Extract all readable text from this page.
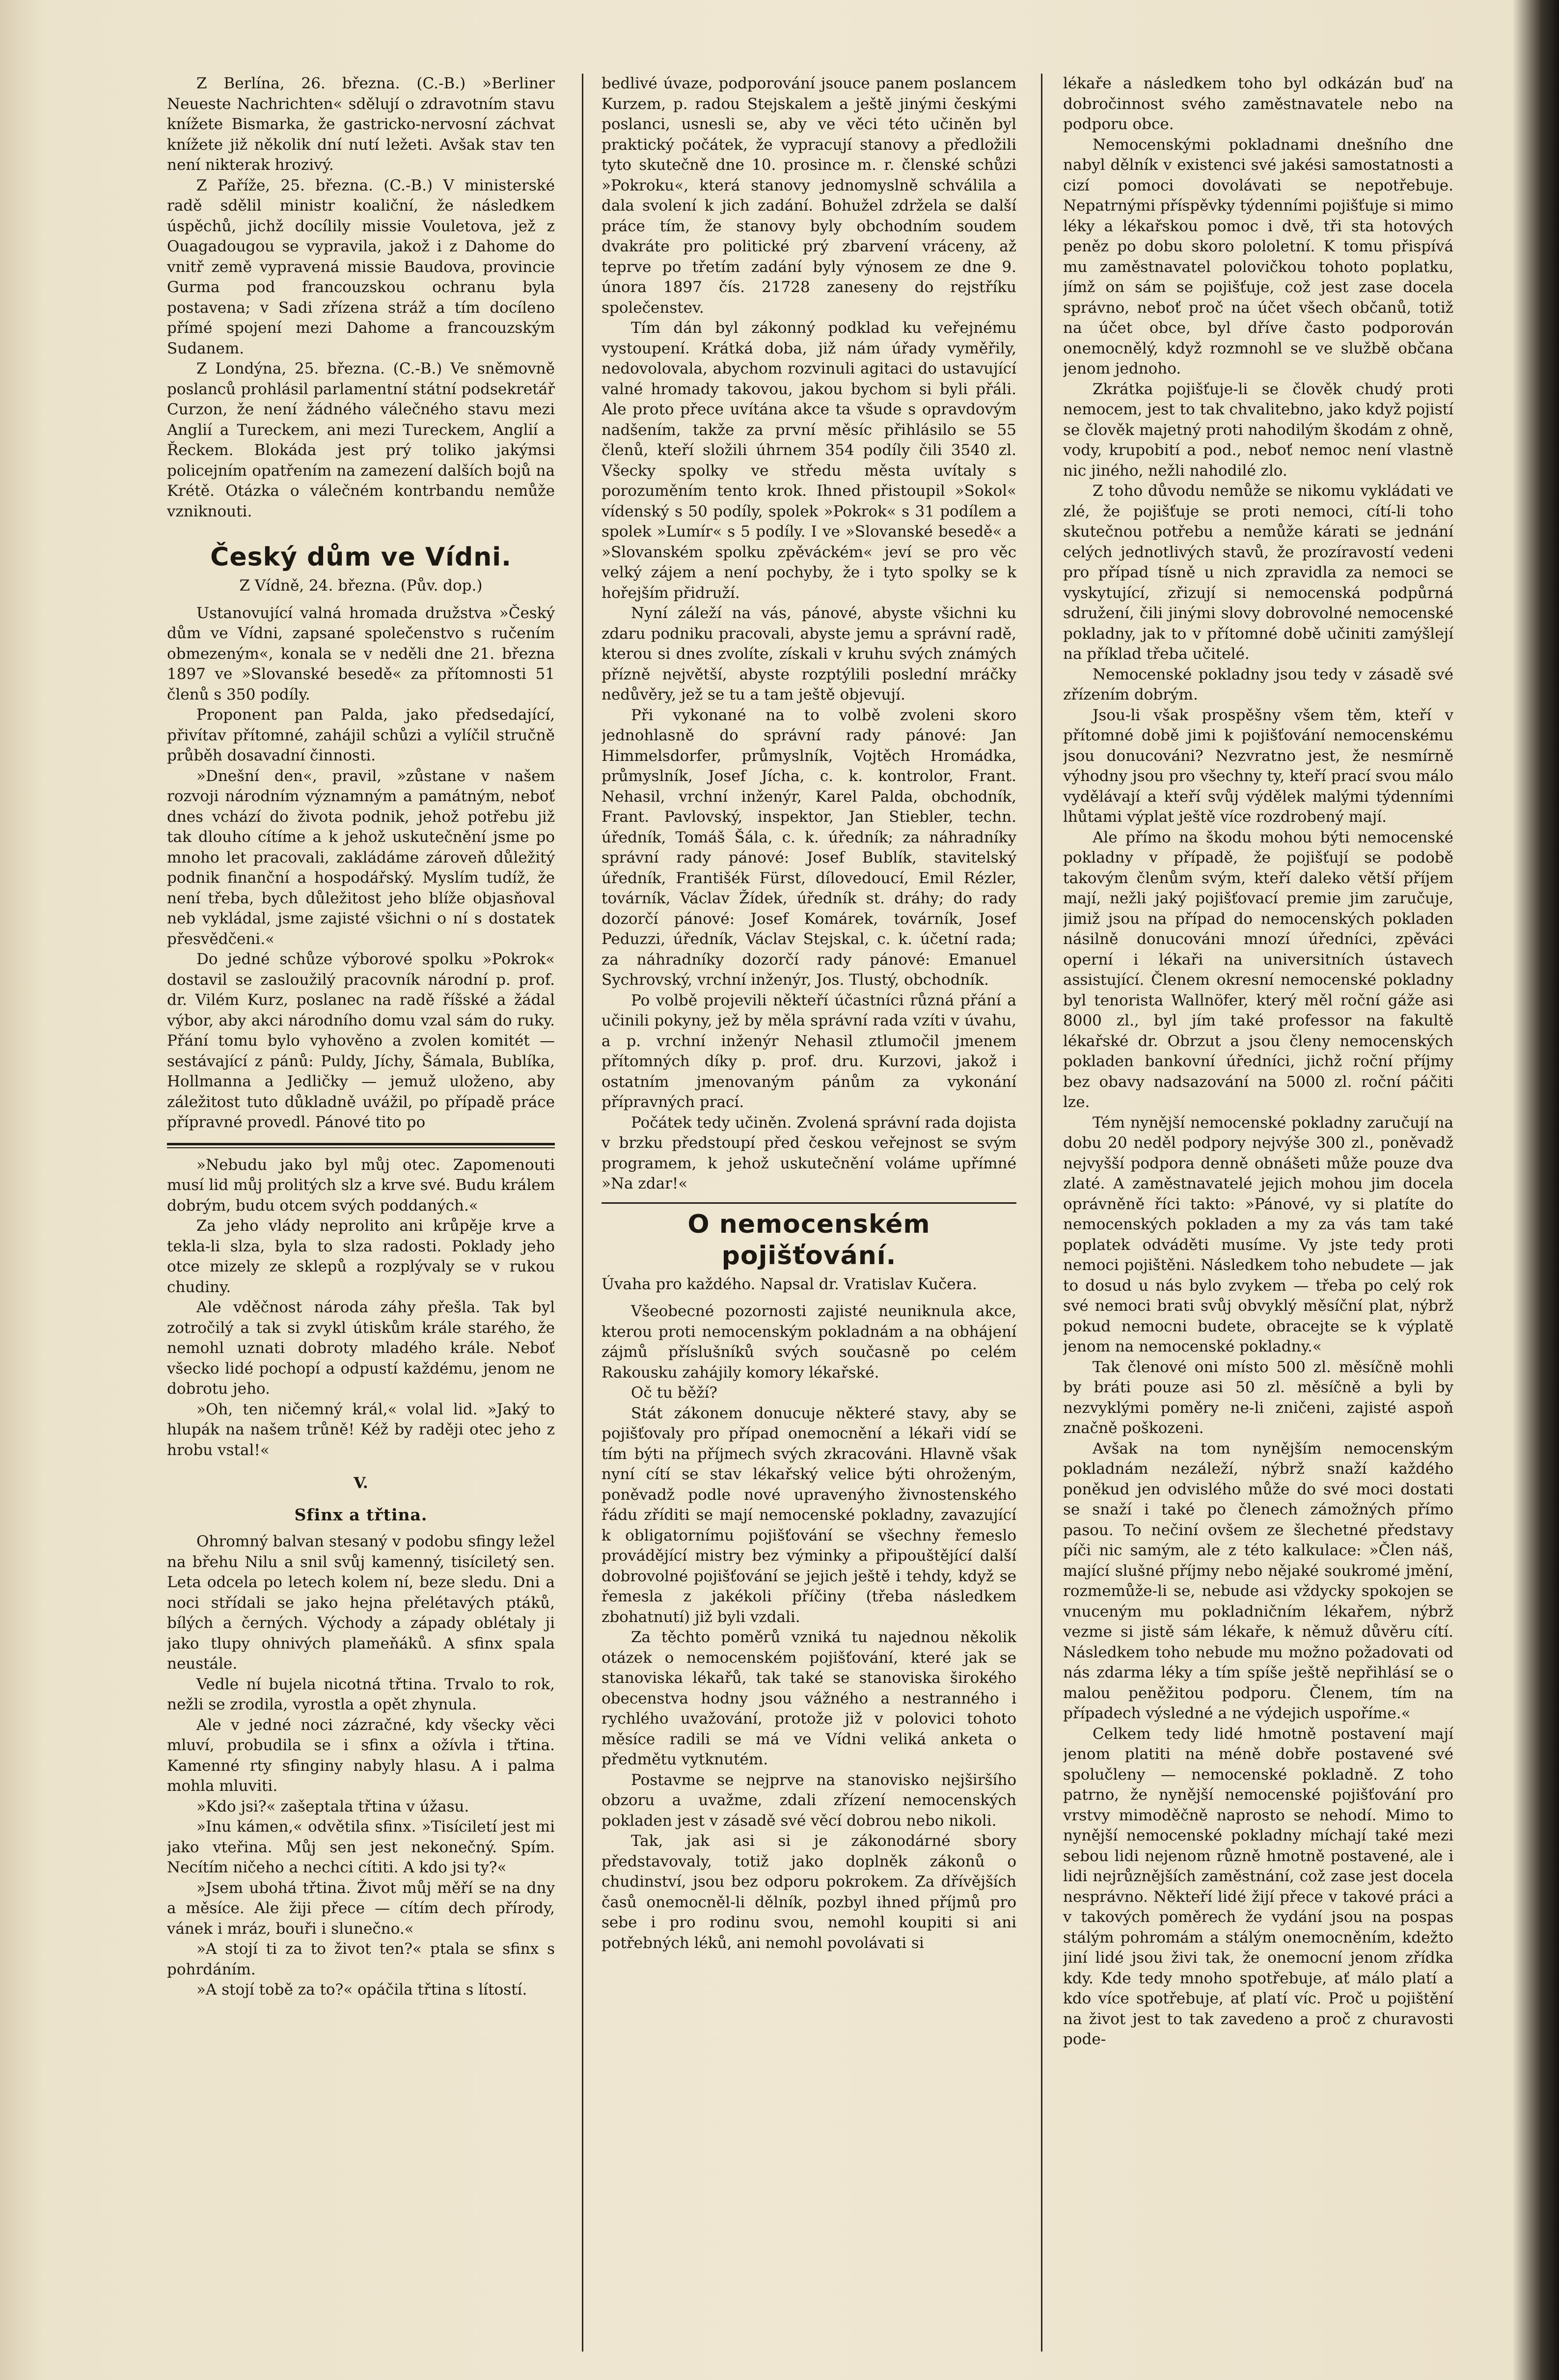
Z Berlína, 26. března. (C.-B.) »Berliner Neueste Nachrichten« sdělují o zdravotním stavu knížete Bismarka, že gastricko-nervosní záchvat knížete již několik dní nutí ležeti. Avšak stav ten není nikterak hrozivý.

Z Paříže, 25. března. (C.-B.) V ministerské radě sdělil ministr koaliční, že následkem úspěchů, jichž docílily missie Vouletova, jež z Ouagadougou se vypravila, jakož i z Dahome do vnitř země vypravená missie Baudova, provincie Gurma pod francouzskou ochranu byla postavena; v Sadi zřízena stráž a tím docíleno přímé spojení mezi Dahome a francouzským Sudanem.

Z Londýna, 25. března. (C.-B.) Ve sněmovně poslanců prohlásil parlamentní státní podsekretář Curzon, že není žádného válečného stavu mezi Anglií a Tureckem, ani mezi Tureckem, Anglií a Řeckem. Blokáda jest prý toliko jakýmsi policejním opatřením na zamezení dalších bojů na Krétě. Otázka o válečném kontrbandu nemůže vzniknouti.

Český dům ve Vídni.
Z Vídně, 24. března. (Pův. dop.)

Ustanovující valná hromada družstva »Český dům ve Vídni, zapsané společenstvo s ručením obmezeným«, konala se v neděli dne 21. března 1897 ve »Slovanské besedě« za přítomnosti 51 členů s 350 podíly.

Proponent pan Palda, jako předsedající, přivítav přítomné, zahájil schůzi a vylíčil stručně průběh dosavadní činnosti.

»Dnešní den«, pravil, »zůstane v našem rozvoji národním významným a památným, neboť dnes vchází do života podnik, jehož potřebu již tak dlouho cítíme a k jehož uskutečnění jsme po mnoho let pracovali, zakládáme zároveň důležitý podnik finanční a hospodářský. Myslím tudíž, že není třeba, bych důležitost jeho blíže objasňoval neb vykládal, jsme zajisté všichni o ní s dostatek přesvědčeni.«

Do jedné schůze výborové spolku »Pokrok« dostavil se zasloužilý pracovník národní p. prof. dr. Vilém Kurz, poslanec na radě říšské a žádal výbor, aby akci národního domu vzal sám do ruky. Přání tomu bylo vyhověno a zvolen komitét — sestávající z pánů: Puldy, Jíchy, Šámala, Bublíka, Hollmanna a Jedličky — jemuž uloženo, aby záležitost tuto důkladně uvážil, po případě práce přípravné provedl. Pánové tito po

»Nebudu jako byl můj otec. Zapomenouti musí lid můj prolitých slz a krve své. Budu králem dobrým, budu otcem svých poddaných.«

Za jeho vlády neprolito ani krůpěje krve a tekla-li slza, byla to slza radosti. Poklady jeho otce mizely ze sklepů a rozplývaly se v rukou chudiny.

Ale vděčnost národa záhy přešla. Tak byl zotročilý a tak si zvykl útiskům krále starého, že nemohl uznati dobroty mladého krále. Neboť všecko lidé pochopí a odpustí každému, jenom ne dobrotu jeho.

»Oh, ten ničemný král,« volal lid. »Jaký to hlupák na našem trůně! Kéž by raději otec jeho z hrobu vstal!«

V.
Sfinx a třtina.

Ohromný balvan stesaný v podobu sfingy ležel na břehu Nilu a snil svůj kamenný, tisíciletý sen. Leta odcela po letech kolem ní, beze sledu. Dni a noci střídali se jako hejna přelétavých ptáků, bílých a černých. Východy a západy oblétaly ji jako tlupy ohnivých plameňáků. A sfinx spala neustále.

Vedle ní bujela nicotná třtina. Trvalo to rok, nežli se zrodila, vyrostla a opět zhynula.

Ale v jedné noci zázračné, kdy všecky věci mluví, probudila se i sfinx a ožívla i třtina. Kamenné rty sfinginy nabyly hlasu. A i palma mohla mluviti.

»Kdo jsi?« zašeptala třtina v úžasu.

»Inu kámen,« odvětila sfinx. »Tisíciletí jest mi jako vteřina. Můj sen jest nekonečný. Spím. Necítím ničeho a nechci cítiti. A kdo jsi ty?«

»Jsem ubohá třtina. Život můj měří se na dny a měsíce. Ale žiji přece — cítím dech přírody, vánek i mráz, bouři i slunečno.«

»A stojí ti za to život ten?« ptala se sfinx s pohrdáním.

»A stojí tobě za to?« opáčila třtina s lítostí.

bedlivé úvaze, podporování jsouce panem poslancem Kurzem, p. radou Stejskalem a ještě jinými českými poslanci, usnesli se, aby ve věci této učiněn byl praktický počátek, že vypracují stanovy a předložili tyto skutečně dne 10. prosince m. r. členské schůzi »Pokroku«, která stanovy jednomyslně schválila a dala svolení k jich zadání. Bohužel zdržela se další práce tím, že stanovy byly obchodním soudem dvakráte pro politické prý zbarvení vráceny, až teprve po třetím zadání byly výnosem ze dne 9. února 1897 čís. 21728 zaneseny do rejstříku společenstev.

Tím dán byl zákonný podklad ku veřejnému vystoupení. Krátká doba, již nám úřady vyměřily, nedovolovala, abychom rozvinuli agitaci do ustavující valné hromady takovou, jakou bychom si byli přáli. Ale proto přece uvítána akce ta všude s opravdovým nadšením, takže za první měsíc přihlásilo se 55 členů, kteří složili úhrnem 354 podíly čili 3540 zl. Všecky spolky ve středu města uvítaly s porozuměním tento krok. Ihned přistoupil »Sokol« vídenský s 50 podíly, spolek »Pokrok« s 31 podílem a spolek »Lumír« s 5 podíly. I ve »Slovanské besedě« a »Slovanském spolku zpěváckém« jeví se pro věc velký zájem a není pochyby, že i tyto spolky se k hořejším přidruží.

Nyní záleží na vás, pánové, abyste všichni ku zdaru podniku pracovali, abyste jemu a správní radě, kterou si dnes zvolíte, získali v kruhu svých známých přízně největší, abyste rozptýlili poslední mráčky nedůvěry, jež se tu a tam ještě objevují.

Při vykonané na to volbě zvoleni skoro jednohlasně do správní rady pánové: Jan Himmelsdorfer, průmyslník, Vojtěch Hromádka, průmyslník, Josef Jícha, c. k. kontrolor, Frant. Nehasil, vrchní inženýr, Karel Palda, obchodník, Frant. Pavlovský, inspektor, Jan Stiebler, techn. úředník, Tomáš Šála, c. k. úředník; za náhradníky správní rady pánové: Josef Bublík, stavitelský úředník, Františék Fürst, dílovedoucí, Emil Rézler, továrník, Václav Žídek, úředník st. dráhy; do rady dozorčí pánové: Josef Komárek, továrník, Josef Peduzzi, úředník, Václav Stejskal, c. k. účetní rada; za náhradníky dozorčí rady pánové: Emanuel Sychrovský, vrchní inženýr, Jos. Tlustý, obchodník.

Po volbě projevili někteří účastníci různá přání a učinili pokyny, jež by měla správní rada vzíti v úvahu, a p. vrchní inženýr Nehasil ztlumočil jmenem přítomných díky p. prof. dru. Kurzovi, jakož i ostatním jmenovaným pánům za vykonání přípravných prací.

Počátek tedy učiněn. Zvolená správní rada dojista v brzku předstoupí před českou veřejnost se svým programem, k jehož uskutečnění voláme upřímné »Na zdar!«

O nemocenském pojišťování.
Úvaha pro každého. Napsal dr. Vratislav Kučera.

Všeobecné pozornosti zajisté neuniknula akce, kterou proti nemocenským pokladnám a na obhájení zájmů příslušníků svých současně po celém Rakousku zahájily komory lékařské.

Oč tu běží?

Stát zákonem donucuje některé stavy, aby se pojišťovaly pro případ onemocnění a lékaři vidí se tím býti na příjmech svých zkracováni. Hlavně však nyní cítí se stav lékařský velice býti ohroženým, poněvadž podle nové upravenýho živnostenského řádu zříditi se mají nemocenské pokladny, zavazující k obligatornímu pojišťování se všechny řemeslo provádějící mistry bez výminky a připouštějící další dobrovolné pojišťování se jejich ještě i tehdy, když se řemesla z jakékoli příčiny (třeba následkem zbohatnutí) již byli vzdali.

Za těchto poměrů vzniká tu najednou několik otázek o nemocenském pojišťování, které jak se stanoviska lékařů, tak také se stanoviska širokého obecenstva hodny jsou vážného a nestranného i rychlého uvažování, protože již v polovici tohoto měsíce radili se má ve Vídni veliká anketa o předmětu vytknutém.

Postavme se nejprve na stanovisko nejširšího obzoru a uvažme, zdali zřízení nemocenských pokladen jest v zásadě své věcí dobrou nebo nikoli.

Tak, jak asi si je zákonodárné sbory představovaly, totiž jako doplněk zákonů o chudinství, jsou bez odporu pokrokem. Za dřívějších časů onemocněl-li dělník, pozbyl ihned příjmů pro sebe i pro rodinu svou, nemohl koupiti si ani potřebných léků, ani nemohl povolávati si

lékaře a následkem toho byl odkázán buď na dobročinnost svého zaměstnavatele nebo na podporu obce.

Nemocenskými pokladnami dnešního dne nabyl dělník v existenci své jakési samostatnosti a cizí pomoci dovolávati se nepotřebuje. Nepatrnými příspěvky týdenními pojišťuje si mimo léky a lékařskou pomoc i dvě, tři sta hotových peněz po dobu skoro pololetní. K tomu přispívá mu zaměstnavatel polovičkou tohoto poplatku, jímž on sám se pojišťuje, což jest zase docela správno, neboť proč na účet všech občanů, totiž na účet obce, byl dříve často podporován onemocnělý, když rozmnohl se ve službě občana jenom jednoho.

Zkrátka pojišťuje-li se člověk chudý proti nemocem, jest to tak chvalitebno, jako když pojistí se člověk majetný proti nahodilým škodám z ohně, vody, krupobití a pod., neboť nemoc není vlastně nic jiného, nežli nahodilé zlo.

Z toho důvodu nemůže se nikomu vykládati ve zlé, že pojišťuje se proti nemoci, cítí-li toho skutečnou potřebu a nemůže kárati se jednání celých jednotlivých stavů, že prozíravostí vedeni pro případ tísně u nich zpravidla za nemoci se vyskytující, zřizují si nemocenská podpůrná sdružení, čili jinými slovy dobrovolné nemocenské pokladny, jak to v přítomné době učiniti zamýšlejí na příklad třeba učitelé.

Nemocenské pokladny jsou tedy v zásadě své zřízením dobrým.

Jsou-li však prospěšny všem těm, kteří v přítomné době jimi k pojišťování nemocenskému jsou donucováni? Nezvratno jest, že nesmírně výhodny jsou pro všechny ty, kteří prací svou málo vydělávají a kteří svůj výdělek malými týdenními lhůtami výplat ještě více rozdrobený mají.

Ale přímo na škodu mohou býti nemocenské pokladny v případě, že pojišťují se podobě takovým členům svým, kteří daleko větší příjem mají, nežli jaký pojišťovací premie jim zaručuje, jimiž jsou na případ do nemocenských pokladen násilně donucováni mnozí úředníci, zpěváci operní i lékaři na universitních ústavech assistující. Členem okresní nemocenské pokladny byl tenorista Wallnöfer, který měl roční gáže asi 8000 zl., byl jím také professor na fakultě lékařské dr. Obrzut a jsou členy nemocenských pokladen bankovní úředníci, jichž roční příjmy bez obavy nadsazování na 5000 zl. roční páčiti lze.

Tém nynější nemocenské pokladny zaručují na dobu 20 neděl podpory nejvýše 300 zl., poněvadž nejvyšší podpora denně obnášeti může pouze dva zlaté. A zaměstnavatelé jejich mohou jim docela oprávněně říci takto: »Pánové, vy si platíte do nemocenských pokladen a my za vás tam také poplatek odváděti musíme. Vy jste tedy proti nemoci pojištěni. Následkem toho nebudete — jak to dosud u nás bylo zvykem — třeba po celý rok své nemoci brati svůj obvyklý měsíční plat, nýbrž pokud nemocni budete, obracejte se k výplatě jenom na nemocenské pokladny.«

Tak členové oni místo 500 zl. měsíčně mohli by bráti pouze asi 50 zl. měsíčně a byli by nezvyklými poměry ne-li zničeni, zajisté aspoň značně poškozeni.

Avšak na tom nynějším nemocenským pokladnám nezáleží, nýbrž snaží každého poněkud jen odvislého může do své moci dostati se snaží i také po členech zámožných přímo pasou. To nečiní ovšem ze šlechetné představy píči nic samým, ale z této kalkulace: »Člen náš, mající slušné příjmy nebo nějaké soukromé jmění, rozmemůže-li se, nebude asi vždycky spokojen se vnuceným mu pokladničním lékařem, nýbrž vezme si jistě sám lékaře, k němuž důvěru cítí. Následkem toho nebude mu možno požadovati od nás zdarma léky a tím spíše ještě nepřihlásí se o malou peněžitou podporu. Členem, tím na případech výsledné a ne výdejich uspoříme.«

Celkem tedy lidé hmotně postavení mají jenom platiti na méně dobře postavené své spolučleny — nemocenské pokladně. Z toho patrno, že nynější nemocenské pojišťování pro vrstvy mimoděčně naprosto se nehodí. Mimo to nynější nemocenské pokladny míchají také mezi sebou lidi nejenom různě hmotně postavené, ale i lidi nejrůznějších zaměstnání, což zase jest docela nesprávno. Někteří lidé žijí přece v takové práci a v takových poměrech že vydání jsou na pospas stálým pohromám a stálým onemocněním, kdežto jiní lidé jsou živi tak, že onemocní jenom zřídka kdy. Kde tedy mnoho spotřebuje, ať málo platí a kdo více spotřebuje, ať platí víc. Proč u pojištění na život jest to tak zavedeno a proč z churavosti pode-
